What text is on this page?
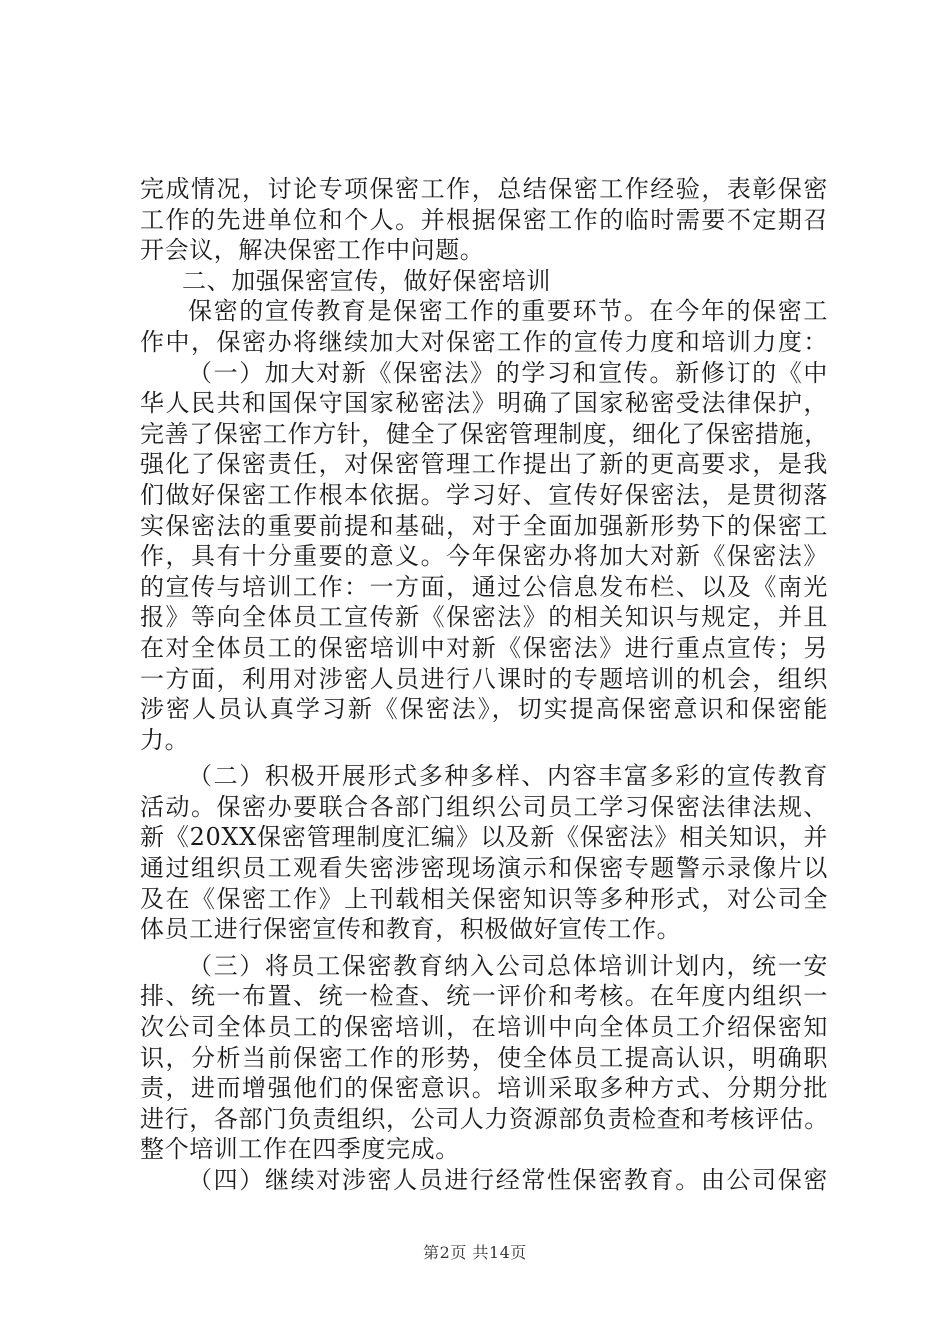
完成情况，讨论专项保密工作，总结保密工作经验，表彰保密
工作的先进单位和个人。并根据保密工作的临时需要不定期召
开会议，解决保密工作中问题。
二、加强保密宣传，做好保密培训
保密的宣传教育是保密工作的重要环节。在今年的保密工
作中，保密办将继续加大对保密工作的宣传力度和培训力度：
（一）加大对新《保密法》的学习和宣传。新修订的《中
华人民共和国保守国家秘密法》明确了国家秘密受法律保护，
完善了保密工作方针，健全了保密管理制度，细化了保密措施，
强化了保密责任，对保密管理工作提出了新的更高要求，是我
们做好保密工作根本依据。学习好、宣传好保密法，是贯彻落
实保密法的重要前提和基础，对于全面加强新形势下的保密工
作，具有十分重要的意义。今年保密办将加大对新《保密法》
的宣传与培训工作：一方面，通过公信息发布栏、以及《南光
报》等向全体员工宣传新《保密法》的相关知识与规定，并且
在对全体员工的保密培训中对新《保密法》进行重点宣传；另
一方面，利用对涉密人员进行八课时的专题培训的机会，组织
涉密人员认真学习新《保密法》，切实提高保密意识和保密能
力。
（二）积极开展形式多种多样、内容丰富多彩的宣传教育
活动。保密办要联合各部门组织公司员工学习保密法律法规、
新《20XX保密管理制度汇编》以及新《保密法》相关知识，并
通过组织员工观看失密涉密现场演示和保密专题警示录像片以
及在《保密工作》上刊载相关保密知识等多种形式，对公司全
体员工进行保密宣传和教育，积极做好宣传工作。
（三）将员工保密教育纳入公司总体培训计划内，统一安
排、统一布置、统一检查、统一评价和考核。在年度内组织一
次公司全体员工的保密培训，在培训中向全体员工介绍保密知
识，分析当前保密工作的形势，使全体员工提高认识，明确职
责，进而增强他们的保密意识。培训采取多种方式、分期分批
进行，各部门负责组织，公司人力资源部负责检查和考核评估。
整个培训工作在四季度完成。
（四）继续对涉密人员进行经常性保密教育。由公司保密
第2页 共14页
